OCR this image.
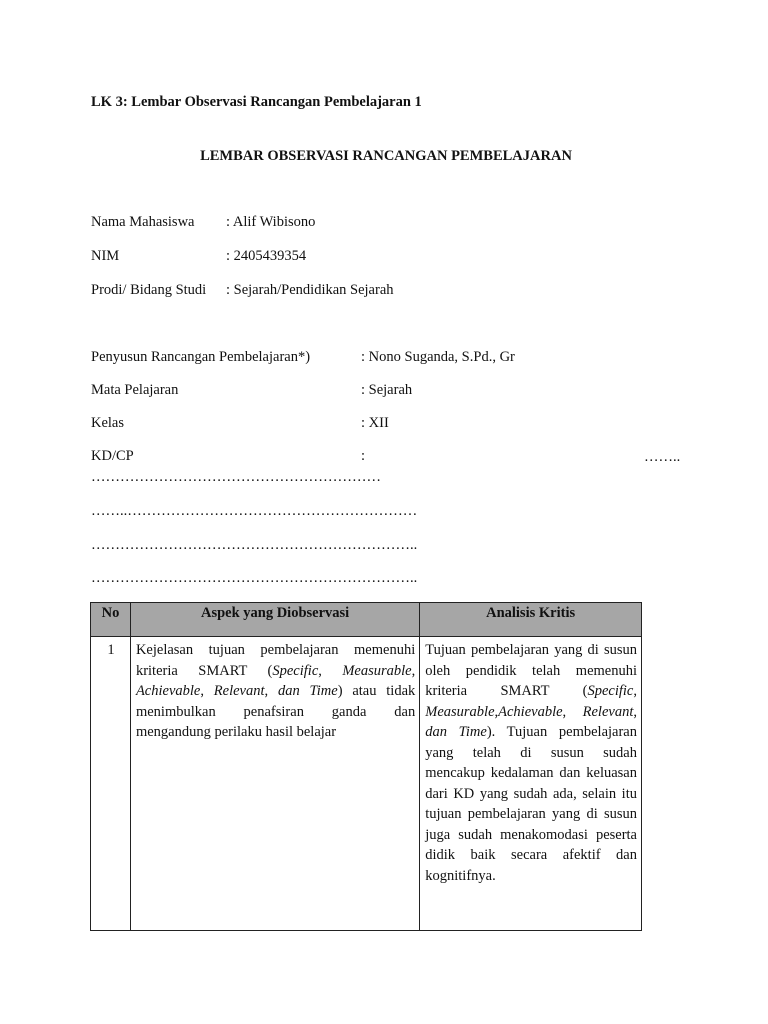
LK 3: Lembar Observasi Rancangan Pembelajaran 1
LEMBAR OBSERVASI RANCANGAN PEMBELAJARAN
Nama Mahasiswa : Alif Wibisono
NIM	: 2405439354
Prodi/ Bidang Studi : Sejarah/Pendidikan Sejarah
Penyusun Rancangan Pembelajaran*)	: Nono Suganda, S.Pd., Gr
Mata Pelajaran	: Sejarah
Kelas	: XII
KD/CP	:	……..
……………………………………………………
……..……………………………………………………
…………………………………………………………..
…………………………………………………………..
No	Aspek yang Diobservasi	Analisis Kritis
1	Kejelasan tujuan pembelajaran memenuhi kriteria SMART (Specific, Measurable, Achievable, Relevant, dan Time) atau tidak menimbulkan penafsiran ganda dan mengandung perilaku hasil belajar	Tujuan pembelajaran yang di susun oleh pendidik telah memenuhi kriteria SMART (Specific, Measurable,Achievable, Relevant, dan Time). Tujuan pembelajaran yang telah di susun sudah mencakup kedalaman dan keluasan dari KD yang sudah ada, selain itu tujuan pembelajaran yang di susun juga sudah menakomodasi peserta didik baik secara afektif dan kognitifnya.
